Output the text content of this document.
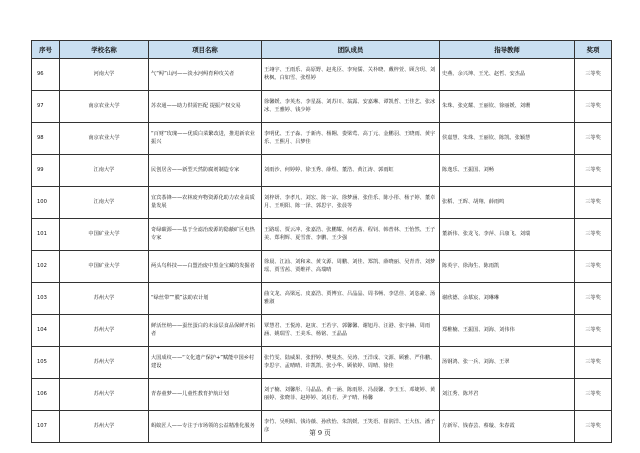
序号	学校名称	项目名称	团队成员	指导教师	奖项
96	河南大学	气“鲟”山河——淡水河鲟育种攻关者	王翊宇、王雨乐、高原野、赵兆臣、李宛儒、关朴晓、戴梓萱、顾含玥、刘秋枫、白如雪、张煜婷	史燕、余兴坤、王光、赵哲、安杰晶	三等奖
97	南京农业大学	苏农通——助力供需匹配 提振产权交易	徐馨媛、李英杰、李星磊、刘苏川、翁露、安嘉琳、谭凯哲、王佳艺、张冰冰、王雅婷、钱少婷	朱珠、张克耀、王丽钦、徐丽媛、刘珊	三等奖
98	南京农业大学	“百财”玫瑰——优质白菜繁改进，推进新农业振兴	李明优、王子淼、于新冉、杨翱、娄梁莺、高丁元、金鹏羽、王晓雨、黄宇乐、王熙月、吕梦佳	侯嘉慧、朱珠、王丽钦、陈凯、张颖慧	三等奖
99	江南大学	民创居舍——新型天然防腐剂制造专家	刘雨沙、何婷婷、徐玉秀、薛煜、董浩、黄江涛、郭雨虹	陈逸乐、王振国、刘畅	三等奖
100	江南大学	宜宾茶锋——农林废弃物资源化助力农业高质量发展	刘梓妍、李孝凡、刘宏、陈一凉、徐梦涵、张佳乐、陈小彤、杨子婷、董卓月、王明阳、陈一泽、郭思宇、张晨等	张稻、王晖、胡翔、薛雨鸣	三等奖
101	中国矿业大学	奇绿碳源——基于全滤治废源的隐蔽矿区电热专家	王路瑶、贾云冲、张嘉浩、张鹏耀、何若茜、程钊、韩普林、王怡然、王子美、郑利辉、夏雪蕾、李鹏、王少强	董新伟、张龙飞、李萍、吕康飞、刘瑞	三等奖
102	中国矿业大学	两头鸟科技——白盟治废中黑金宝藏的发掘者	徐晨、江汕、刘和来、黄文源、周鹏、刘佳、郑凯、薛晓丽、吴青青、刘梦瑶、贾雪茜、贾维祥、高瑞晴	陈英宇、徐海生、陈雨凯	三等奖
103	苏州大学	“绿丝带”“膜”法助农计划	曲文龙、高梁远、皮嘉浩、贾博宜、吕晶晶、周书畅、李思佳、刘恣豪、汤雅淑	谢欣德、余慕宸、刘琳琳	三等奖
104	苏州大学	鲜活丝纳——蚕丝蛋白的未涂层食品保鲜开拓者	覃慧君、王悦涛、赵寅、王若宇、郭馨馨、谢旭丹、汪港、张宇赫、周雨涵、姚瑞雪、王美禾、杨铭、王晶晶	郑稚楠、王振国、刘海、刘伟伟	三等奖
105	苏州大学	大国成纹——“文化遗产保护+”赋能中国乡村建设	张竹雯、陆威果、张舒婷、樊曼杰、吴涛、王洋成、文源、顾雅、严伟鹏、李思宇、孟晴晴、许凯凯、张小华、顾依婷、周晴、徐佳	汤钢鸿、张一兵、刘海、王翠	三等奖
106	苏州大学	青春童梦——儿童性教育护航计划	刘子楠、刘馨彤、马晶晶、黄一涵、陈雨彤、冯晨馨、李玉玉、邓婕婷、黄丽婷、张晓菲、赵婷婷、刘启若、尹子晴、杨馨	刘江秀、陈芹君	三等奖
107	苏州大学	蚂蚁匠人——专注于市场领的公益精准化服务	李竹、吴明昭、钱诗薇、孙欣怡、朱凯媛、王笑语、崔润洋、王大伍、潘子彦	方新军、钱春芸、蔡璇、朱春霞	三等奖
第 9 页
